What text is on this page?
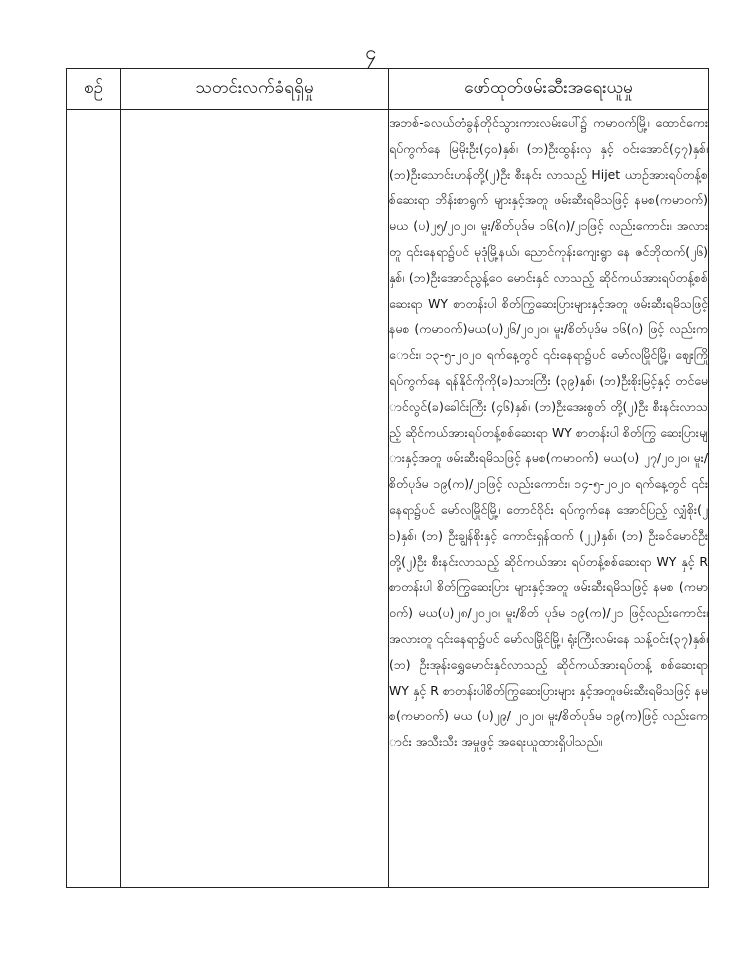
၄
စဉ်	သတင်းလက်ခံရရှိမှု	ဖော်ထုတ်ဖမ်းဆီးအရေးယူမှု

		အဘစ်-ခလယ်တံခွန်တိုင်သွားကားလမ်းပေါ်၌ ကမာဝက်မြို့၊ ထောင်ကေးရပ်ကွက်နေ မြမိုးဦး(၄၀)နှစ်၊ (ဘ)ဦးထွန်းလှ နှင့် ဝင်းအောင်(၄၇)နှစ်၊ (ဘ)ဦးသောင်းဟန်တို့(၂)ဦး စီးနင်း လာသည့် Hijet ယာဉ်အားရပ်တန့်စစ်ဆေးရာ ဘိန်းစာရွက် များနှင့်အတူ ဖမ်းဆီးရမိသဖြင့် နမစ(ကမာဝက်) မယ (ပ)၂၅/၂၀၂၀၊ မူး/စိတ်ပုဒ်မ ၁၆(ဂ)/၂၁ဖြင့် လည်းကောင်း၊ အလားတူ ၎င်းနေရာ၌ပင် မုဒုံမြို့နယ်၊ ညောင်ကုန်းကျေးရွာ နေ ဇင်ဘိုထက်(၂၆)နှစ်၊ (ဘ)ဦးအောင်ညွန့်ဝေ မောင်းနှင် လာသည့် ဆိုင်ကယ်အားရပ်တန့်စစ်ဆေးရာ WY စာတန်းပါ စိတ်ကြွဆေးပြားများနှင့်အတူ ဖမ်းဆီးရမိသဖြင့် နမစ (ကမာဝက်)မယ(ပ)၂၆/၂၀၂၀၊ မူး/စိတ်ပုဒ်မ ၁၆(ဂ) ဖြင့် လည်းကောင်း၊ ၁၃-၅-၂၀၂၀ ရက်နေ့တွင် ၎င်းနေရာ၌ပင် မော်လမြိုင်မြို့၊ ဈေးကြိုရပ်ကွက်နေ ရန်နိုင်ကိုကို(ခ)သားကြီး (၃၉)နှစ်၊ (ဘ)ဦးစိုးမြင့်နှင့် တင်မောင်လွင်(ခ)ခေါင်းကြီး (၄၆)နှစ်၊ (ဘ)ဦးအေးစွတ် တို့(၂)ဦး စီးနင်းလာသည့် ဆိုင်ကယ်အားရပ်တန့်စစ်ဆေးရာ WY စာတန်းပါ စိတ်ကြွ ဆေးပြားများနှင့်အတူ ဖမ်းဆီးရမိသဖြင့် နမစ(ကမာဝက်) မယ(ပ) ၂၇/၂၀၂၀၊ မူး/စိတ်ပုဒ်မ ၁၉(က)/၂၁ဖြင့် လည်းကောင်း၊ ၁၄-၅-၂၀၂၀ ရက်နေ့တွင် ၎င်းနေရာ၌ပင် မော်လမြိုင်မြို့၊ တောင်ဝိုင်း ရပ်ကွက်နေ အောင်ပြည့် လျှံစိုး(၂၁)နှစ်၊ (ဘ) ဦးချွန်စိုးနှင့် ကောင်းရှန်ထက် (၂၂)နှစ်၊ (ဘ) ဦးခင်မောင်ဦး တို့(၂)ဦး စီးနင်းလာသည့် ဆိုင်ကယ်အား ရပ်တန့်စစ်ဆေးရာ WY နှင့် R စာတန်းပါ စိတ်ကြွဆေးပြား များနှင့်အတူ ဖမ်းဆီးရမိသဖြင့် နမစ (ကမာဝက်) မယ(ပ)၂၈/၂၀၂၀၊ မူး/စိတ် ပုဒ်မ ၁၉(က)/၂၁ ဖြင့်လည်းကောင်း၊ အလားတူ ၎င်းနေရာ၌ပင် မော်လမြိုင်မြို့၊ ရုံးကြီးလမ်းနေ သန့်ဝင်း(၃၇)နှစ်၊ (ဘ) ဦးအုန်းရွှေမောင်းနှင်လာသည့် ဆိုင်ကယ်အားရပ်တန့် စစ်ဆေးရာ WY နှင့် R စာတန်းပါစိတ်ကြွဆေးပြားများ နှင့်အတူဖမ်းဆီးရမိသဖြင့် နမစ(ကမာဝက်) မယ (ပ)၂၉/ ၂၀၂၀၊ မူး/စိတ်ပုဒ်မ ၁၉(က)ဖြင့် လည်းကောင်း အသီးသီး အမှုဖွင့် အရေးယူထားရှိပါသည်။
